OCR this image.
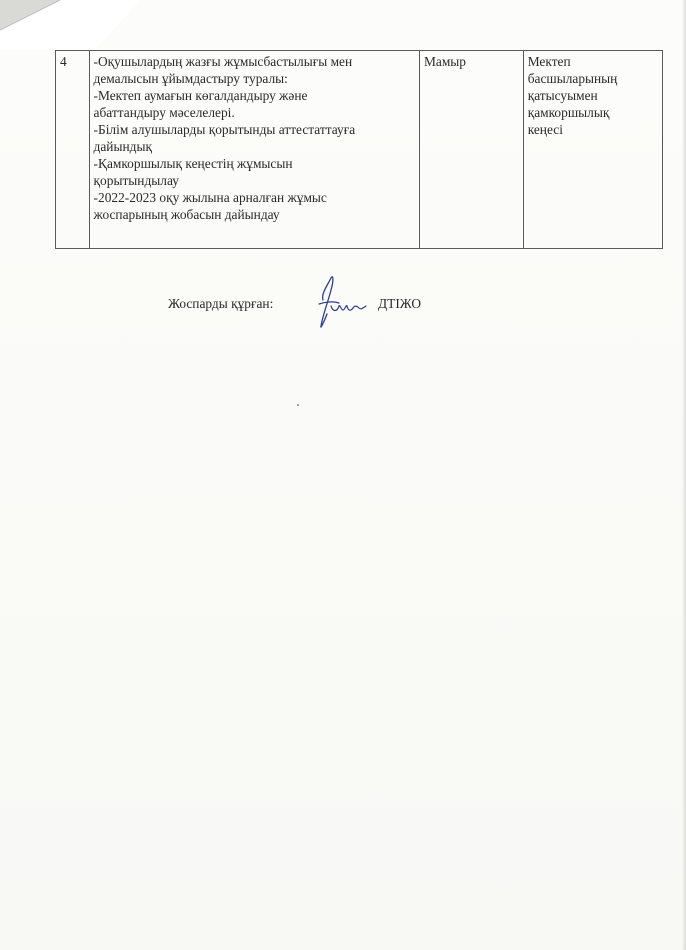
4	-Оқушылардың жазғы жұмысбастылығы мен
демалысын ұйымдастыру туралы:
-Мектеп аумағын көгалдандыру және
абаттандыру мәселелері.
-Білім алушыларды қорытынды аттестаттауға
дайындық
-Қамкоршылық кеңестің жұмысын
қорытындылау
-2022-2023 оқу жылына арналған жұмыс
жоспарының жобасын дайындау
	Мамыр	Мектеп
басшыларының
қатысуымен
қамкоршылық
кеңесі
Жоспарды құрған:	ДТІЖО
